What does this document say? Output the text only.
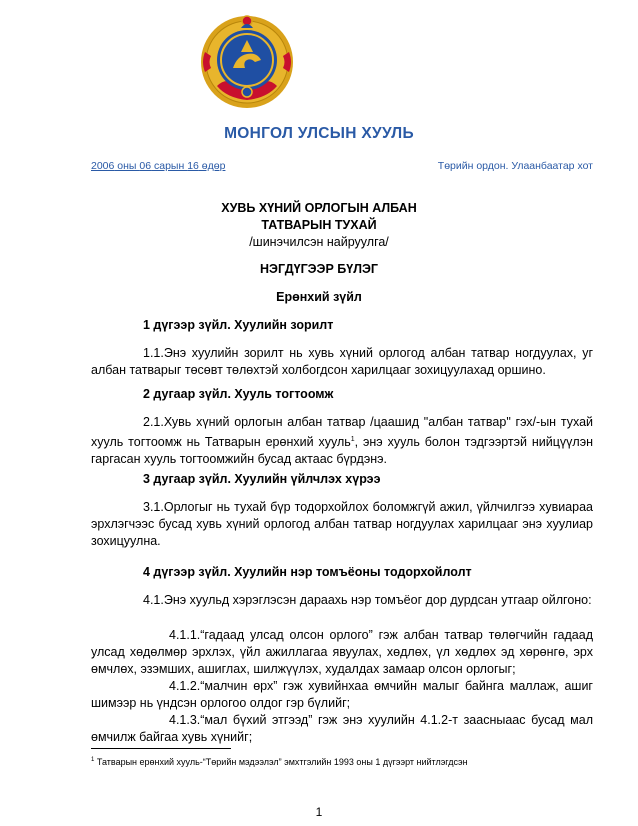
МОНГОЛ УЛСЫН ХУУЛЬ
2006 оны 06 сарын 16 өдөр	Төрийн ордон. Улаанбаатар хот
ХУВЬ ХҮНИЙ ОРЛОГЫН АЛБАН
ТАТВАРЫН ТУХАЙ
/шинэчилсэн найруулга/
НЭГДҮГЭЭР БҮЛЭГ
Ерөнхий зүйл
1 дүгээр зүйл. Хуулийн зорилт
1.1.Энэ хуулийн зорилт нь хувь хүний орлогод албан татвар ногдуулах, уг албан татварыг төсөвт төлөхтэй холбогдсон харилцааг зохицуулахад оршино.
2 дугаар зүйл. Хууль тогтоомж
2.1.Хувь хүний орлогын албан татвар /цаашид "албан татвар" гэх/-ын тухай хууль тогтоомж нь Татварын ерөнхий хууль$^1$, энэ хууль болон тэдгээртэй нийцүүлэн гаргасан хууль тогтоомжийн бусад актаас бүрдэнэ.
3 дугаар зүйл. Хуулийн үйлчлэх хүрээ
3.1.Орлогыг нь тухай бүр тодорхойлох боломжгүй ажил, үйлчилгээ хувиараа эрхлэгчээс бусад хувь хүний орлогод албан татвар ногдуулах харилцааг энэ хуулиар зохицуулна.
4 дүгээр зүйл. Хуулийн нэр томъёоны тодорхойлолт
4.1.Энэ хуульд хэрэглэсэн дараахь нэр томъёог дор дурдсан утгаар ойлгоно:
4.1.1.“гадаад улсад олсон орлого” гэж албан татвар төлөгчийн гадаад улсад хөдөлмөр эрхлэх, үйл ажиллагаа явуулах, хөдлөх, үл хөдлөх эд хөрөнгө, эрх өмчлөх, эзэмших, ашиглах, шилжүүлэх, худалдах замаар олсон орлогыг;
4.1.2.“малчин өрх” гэж хувийнхаа өмчийн малыг байнга маллаж, ашиг шимээр нь үндсэн орлогоо олдог гэр бүлийг;
4.1.3.“мал бүхий этгээд” гэж энэ хуулийн 4.1.2-т заасныаас бусад мал өмчилж байгаа хувь хүнийг;
$^1$ Татварын ерөнхий хууль-“Төрийн мэдээлэл” эмхтгэлийн 1993 оны 1 дүгээрт нийтлэгдсэн
1
